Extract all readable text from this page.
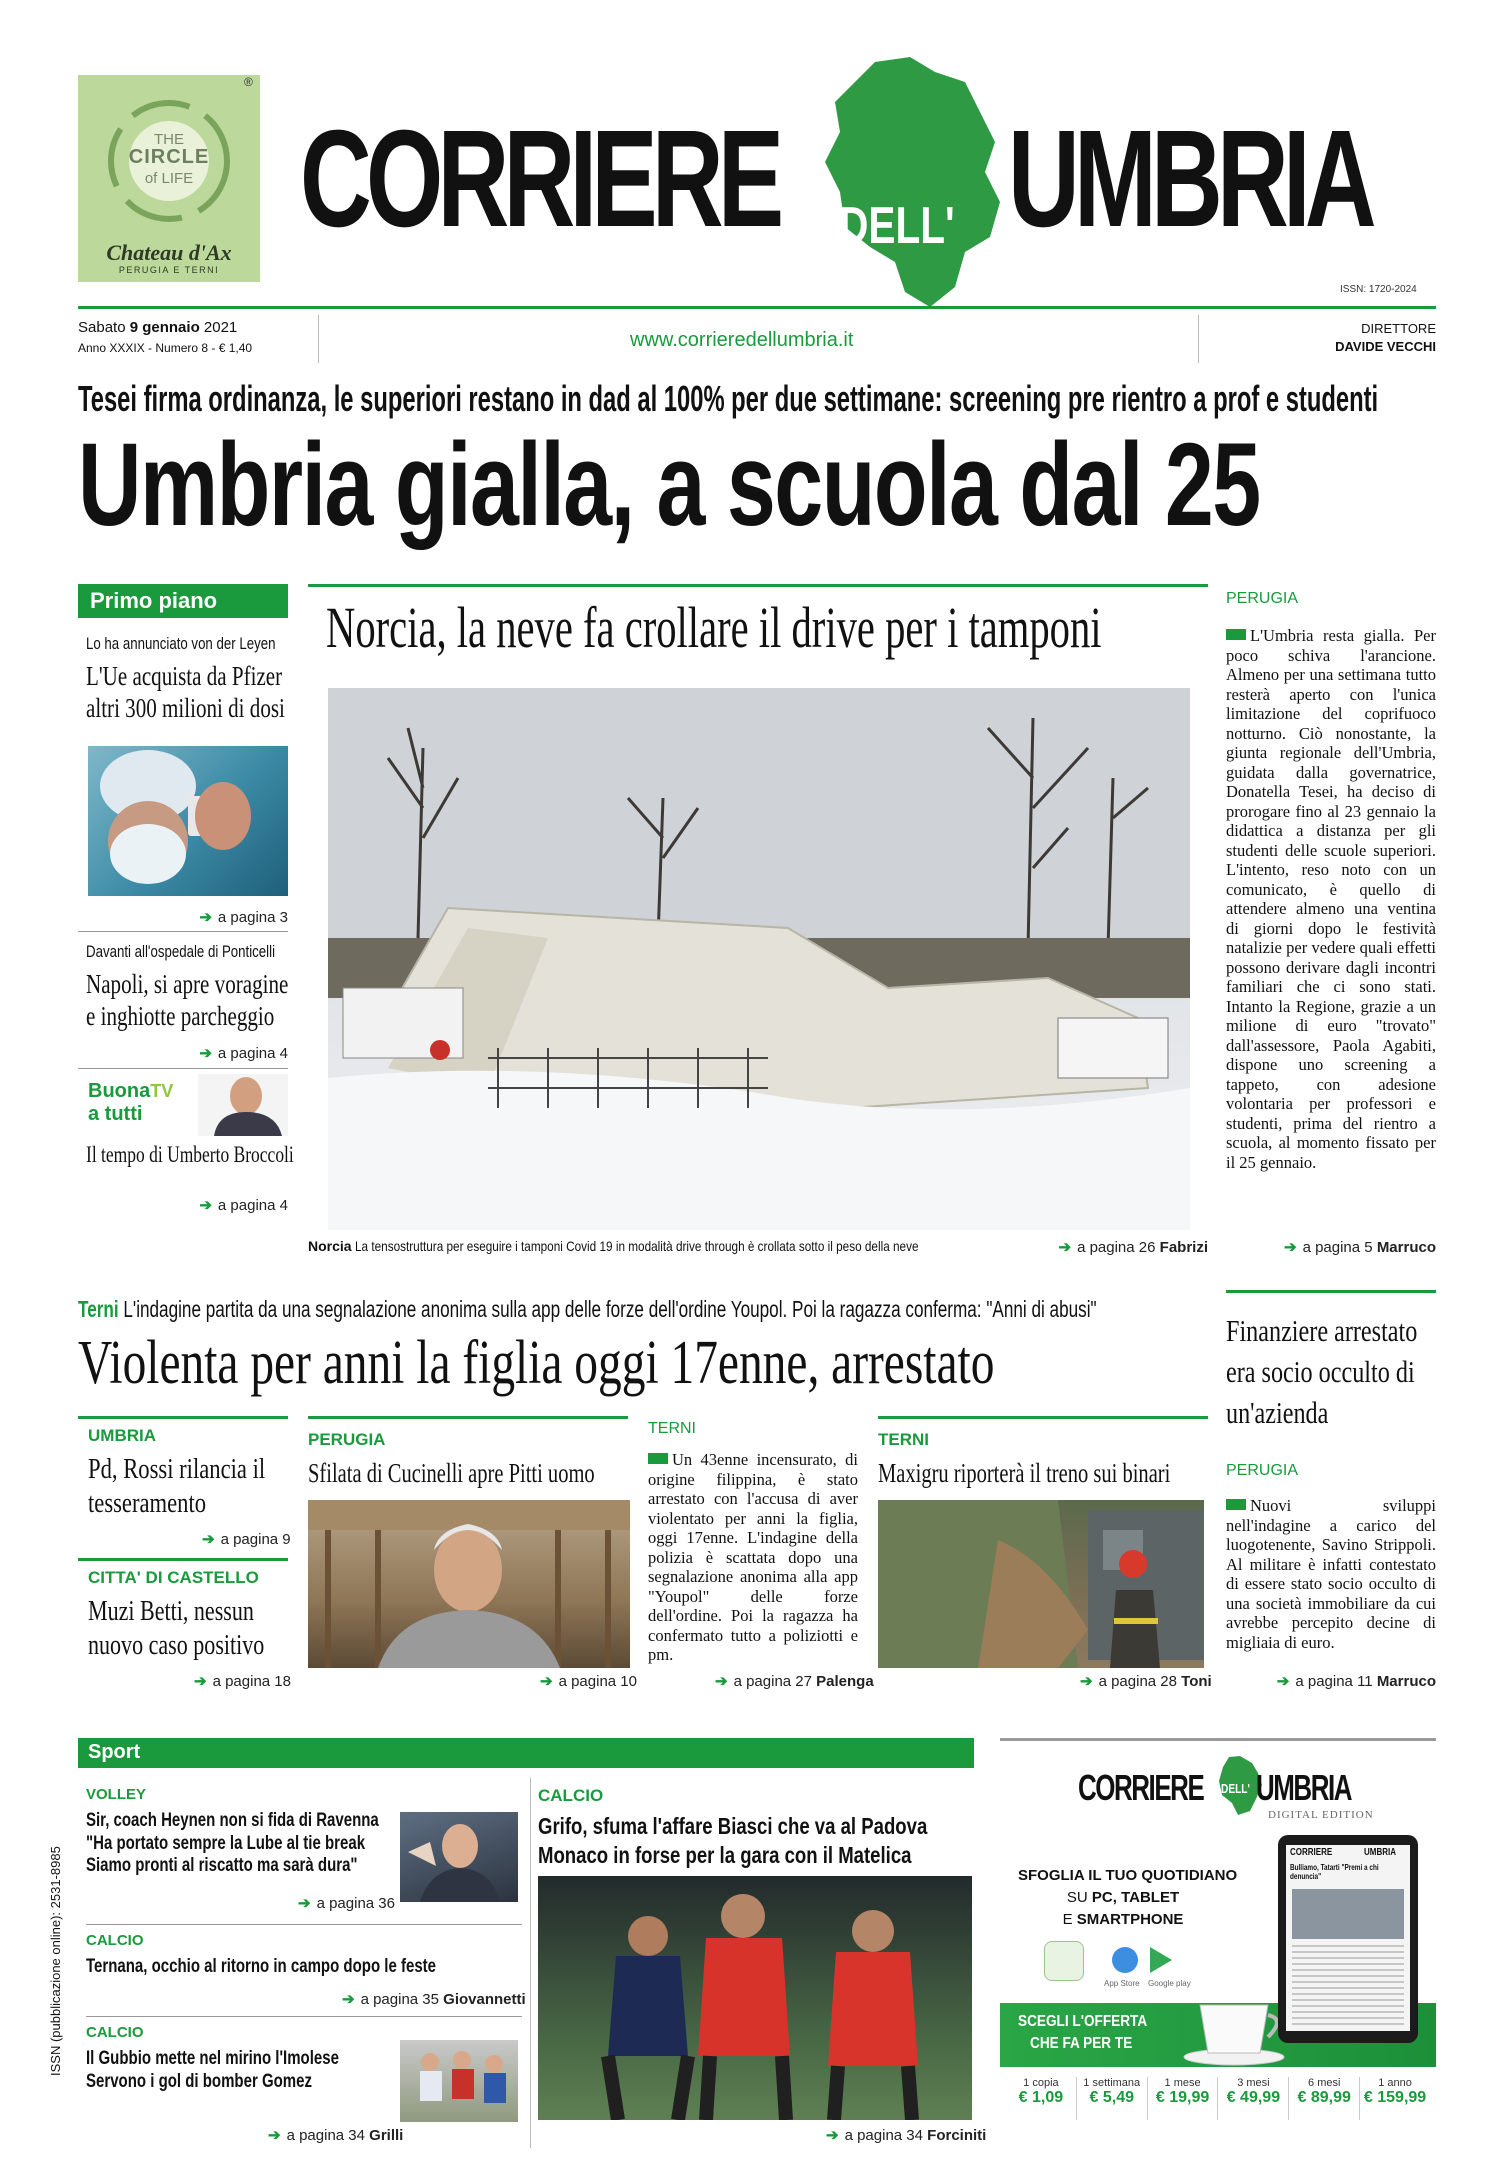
THE
CIRCLE
of LIFE
®
Chateau d'Ax
PERUGIA E TERNI
CORRIERE DELL' UMBRIA
ISSN: 1720-2024
Sabato 9 gennaio 2021
Anno XXXIX - Numero 8 - € 1,40	www.corrieredellumbria.it
DIRETTORE
DAVIDE VECCHI
Tesei firma ordinanza, le superiori restano in dad al 100% per due settimane: screening pre rientro a prof e studenti
Umbria gialla, a scuola dal 25
Primo piano
Lo ha annunciato von der Leyen
L'Ue acquista da Pfizer altri 300 milioni di dosi
➔ a pagina 3
Davanti all'ospedale di Ponticelli
Napoli, si apre voragine e inghiotte parcheggio
➔ a pagina 4
BuonaTV
a tutti
Il tempo di Umberto Broccoli
➔ a pagina 4
Norcia, la neve fa crollare il drive per i tamponi
Norcia La tensostruttura per eseguire i tamponi Covid 19 in modalità drive through è crollata sotto il peso della neve	➔ a pagina 26 Fabrizi
PERUGIA
L'Umbria resta gialla. Per poco schiva l'arancione. Almeno per una settimana tutto resterà aperto con l'unica limitazione del coprifuoco notturno. Ciò nonostante, la giunta regionale dell'Umbria, guidata dalla governatrice, Donatella Tesei, ha deciso di prorogare fino al 23 gennaio la didattica a distanza per gli studenti delle scuole superiori. L'intento, reso noto con un comunicato, è quello di attendere almeno una ventina di giorni dopo le festività natalizie per vedere quali effetti possono derivare dagli incontri familiari che ci sono stati. Intanto la Regione, grazie a un milione di euro "trovato" dall'assessore, Paola Agabiti, dispone uno screening a tappeto, con adesione volontaria per professori e studenti, prima del rientro a scuola, al momento fissato per il 25 gennaio.
➔ a pagina 5 Marruco
Terni L'indagine partita da una segnalazione anonima sulla app delle forze dell'ordine Youpol. Poi la ragazza conferma: "Anni di abusi"
Violenta per anni la figlia oggi 17enne, arrestato	Finanziere arrestato era socio occulto di un'azienda
UMBRIA
Pd, Rossi rilancia il tesseramento
➔ a pagina 9
CITTA' DI CASTELLO
Muzi Betti, nessun nuovo caso positivo
➔ a pagina 18
PERUGIA
Sfilata di Cucinelli apre Pitti uomo
➔ a pagina 10
TERNI
Un 43enne incensurato, di origine filippina, è stato arrestato con l'accusa di aver violentato per anni la figlia, oggi 17enne. L'indagine della polizia è scattata dopo una segnalazione anonima alla app "Youpol" delle forze dell'ordine. Poi la ragazza ha confermato tutto a poliziotti e pm.
➔ a pagina 27 Palenga
TERNI
Maxigru riporterà il treno sui binari
➔ a pagina 28 Toni
PERUGIA
Nuovi sviluppi nell'indagine a carico del luogotenente, Savino Strippoli. Al militare è infatti contestato di essere stato socio occulto di una società immobiliare da cui avrebbe percepito decine di migliaia di euro.
➔ a pagina 11 Marruco
ISSN (pubblicazione online): 2531-8985
Sport
VOLLEY
Sir, coach Heynen non si fida di Ravenna "Ha portato sempre la Lube al tie break Siamo pronti al riscatto ma sarà dura"
➔ a pagina 36
CALCIO
Ternana, occhio al ritorno in campo dopo le feste
➔ a pagina 35 Giovannetti
CALCIO
Il Gubbio mette nel mirino l'Imolese Servono i gol di bomber Gomez
➔ a pagina 34 Grilli
CALCIO
Grifo, sfuma l'affare Biasci che va al Padova Monaco in forse per la gara con il Matelica
➔ a pagina 34 Forciniti
CORRIERE DELL' UMBRIA
DIGITAL EDITION
SFOGLIA IL TUO QUOTIDIANO
SU PC, TABLET
E SMARTPHONE
App Store Google play
SCEGLI L'OFFERTA
CHE FA PER TE
CORRIERE	UMBRIA
Bulliamo, Tatarti "Premi a chi denuncia"
1 copia
€ 1,09
1 settimana
€ 5,49
1 mese
€ 19,99
3 mesi
€ 49,99
6 mesi
€ 89,99
1 anno
€ 159,99
